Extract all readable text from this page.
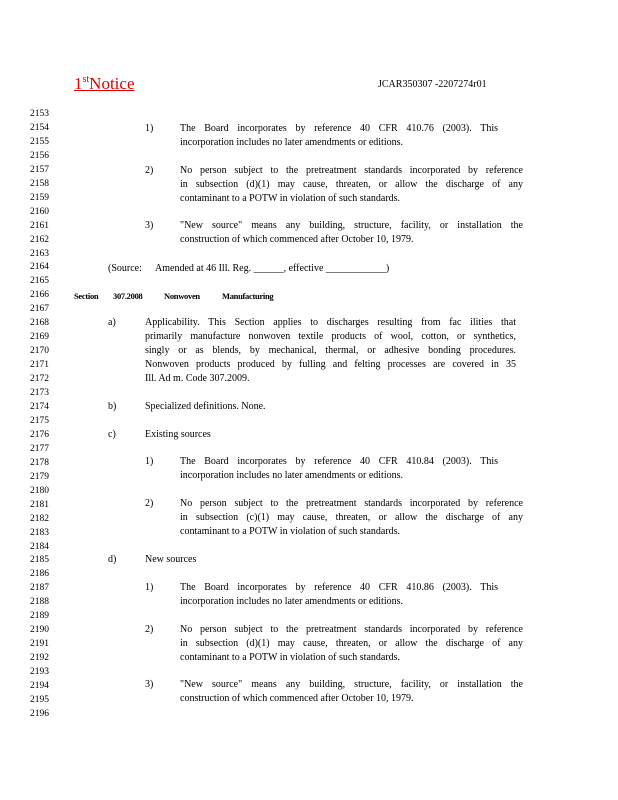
1stNotice	JCAR350307 -2207274r01
2153
2154
2155
2156
2157
2158
2159
2160
2161
2162
2163
2164
2165
2166
2167
2168
2169
2170
2171
2172
2173
2174
2175
2176
2177
2178
2179
2180
2181
2182
2183
2184
2185
2186
2187
2188
2189
2190
2191
2192
2193
2194
2195
2196
1)	The Board incorporates by reference 40 CFR 410.76 (2003). This
incorporation includes no later amendments or editions.
2)	No person subject to the pretreatment standards incorporated by reference
in subsection (d)(1) may cause, threaten, or allow the discharge of any
contaminant to a POTW in violation of such standards.
3)	"New source" means any building, structure, facility, or installation the
construction of which commenced after October 10, 1979.
(Source: Amended at 46 Ill. Reg. ______, effective ____________)
a)	Applicability. This Section applies to discharges resulting from fac ilities that
primarily manufacture nonwoven textile products of wool, cotton, or synthetics,
singly or as blends, by mechanical, thermal, or adhesive bonding procedures.
Nonwoven products produced by fulling and felting processes are covered in 35
Ill. Ad m. Code 307.2009.
b)	Specialized definitions. None.
c)	Existing sources
1)	The Board incorporates by reference 40 CFR 410.84 (2003). This
incorporation includes no later amendments or editions.
2)	No person subject to the pretreatment standards incorporated by reference
in subsection (c)(1) may cause, threaten, or allow the discharge of any
contaminant to a POTW in violation of such standards.
d)	New sources
1)	The Board incorporates by reference 40 CFR 410.86 (2003). This
incorporation includes no later amendments or editions.
2)	No person subject to the pretreatment standards incorporated by reference
in subsection (d)(1) may cause, threaten, or allow the discharge of any
contaminant to a POTW in violation of such standards.
3)	"New source" means any building, structure, facility, or installation the
construction of which commenced after October 10, 1979.
Section 307.2008	Nonwoven	Manufacturing
